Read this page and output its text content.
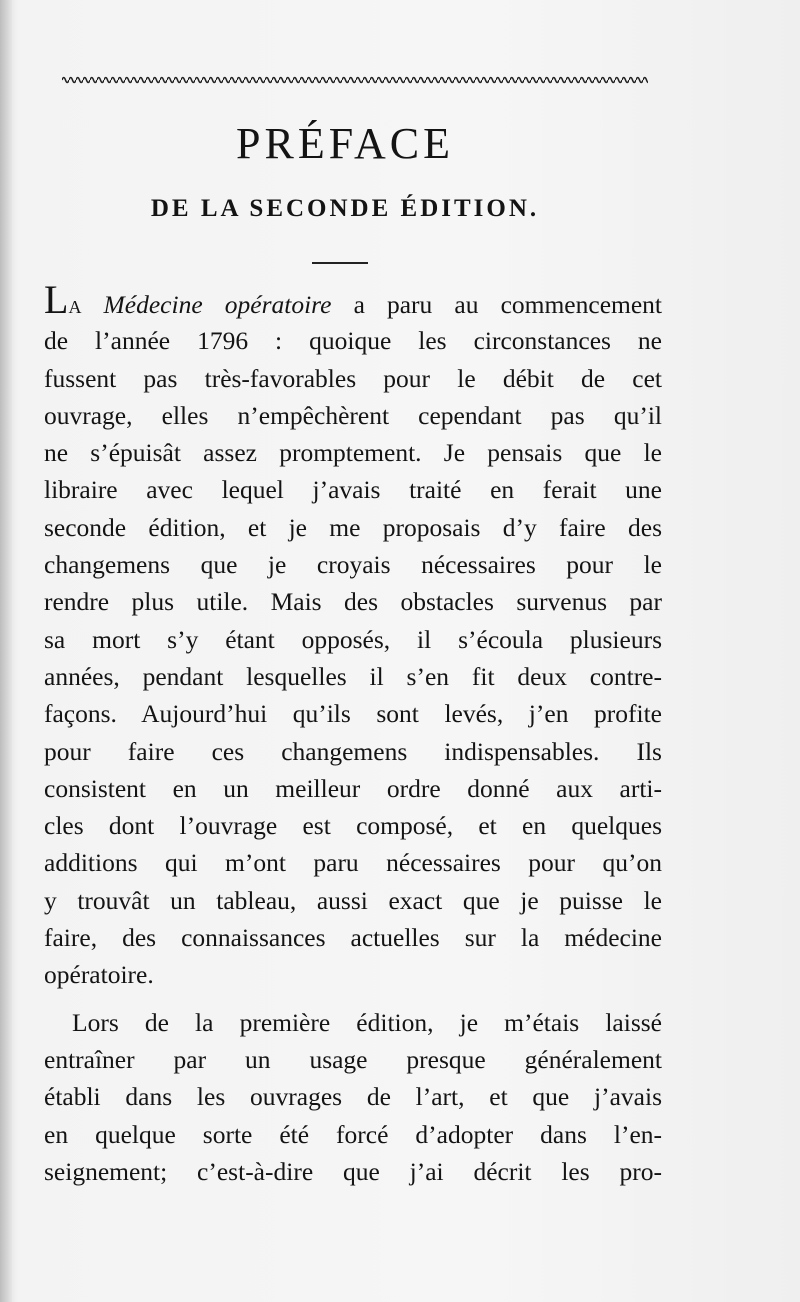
PRÉFACE
DE LA SECONDE ÉDITION.
LA Médecine opératoire a paru au commencement
de l’année 1796 : quoique les circonstances ne
fussent pas très-favorables pour le débit de cet
ouvrage, elles n’empêchèrent cependant pas qu’il
ne s’épuisât assez promptement. Je pensais que le
libraire avec lequel j’avais traité en ferait une
seconde édition, et je me proposais d’y faire des
changemens que je croyais nécessaires pour le
rendre plus utile. Mais des obstacles survenus par
sa mort s’y étant opposés, il s’écoula plusieurs
années, pendant lesquelles il s’en fit deux contre-
façons. Aujourd’hui qu’ils sont levés, j’en profite
pour faire ces changemens indispensables. Ils
consistent en un meilleur ordre donné aux arti-
cles dont l’ouvrage est composé, et en quelques
additions qui m’ont paru nécessaires pour qu’on
y trouvât un tableau, aussi exact que je puisse le
faire, des connaissances actuelles sur la médecine
opératoire.
Lors de la première édition, je m’étais laissé
entraîner par un usage presque généralement
établi dans les ouvrages de l’art, et que j’avais
en quelque sorte été forcé d’adopter dans l’en-
seignement; c’est-à-dire que j’ai décrit les pro-
